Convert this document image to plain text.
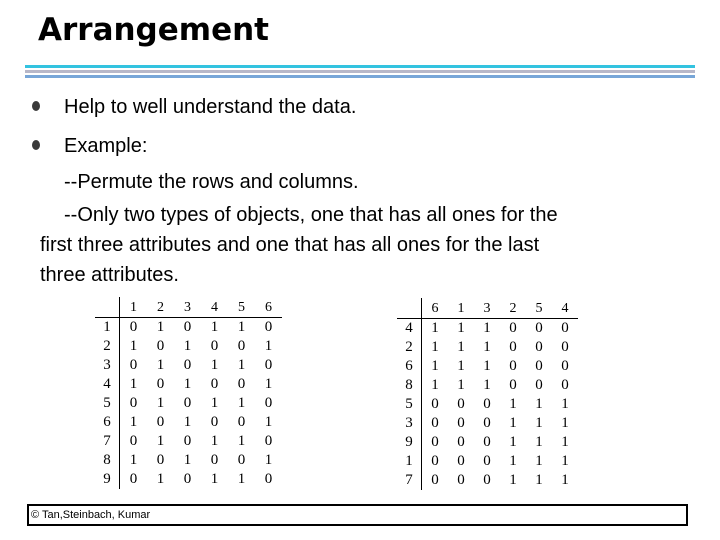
Arrangement
Help to well understand the data.
Example:
--Permute the rows and columns.
--Only two types of objects, one that has all ones for the
first three attributes and one that has all ones for the last
three attributes.
	1	2	3	4	5	6
1	0	1	0	1	1	0
2	1	0	1	0	0	1
3	0	1	0	1	1	0
4	1	0	1	0	0	1
5	0	1	0	1	1	0
6	1	0	1	0	0	1
7	0	1	0	1	1	0
8	1	0	1	0	0	1
9	0	1	0	1	1	0
	6	1	3	2	5	4
4	1	1	1	0	0	0
2	1	1	1	0	0	0
6	1	1	1	0	0	0
8	1	1	1	0	0	0
5	0	0	0	1	1	1
3	0	0	0	1	1	1
9	0	0	0	1	1	1
1	0	0	0	1	1	1
7	0	0	0	1	1	1
© Tan,Steinbach, Kumar
